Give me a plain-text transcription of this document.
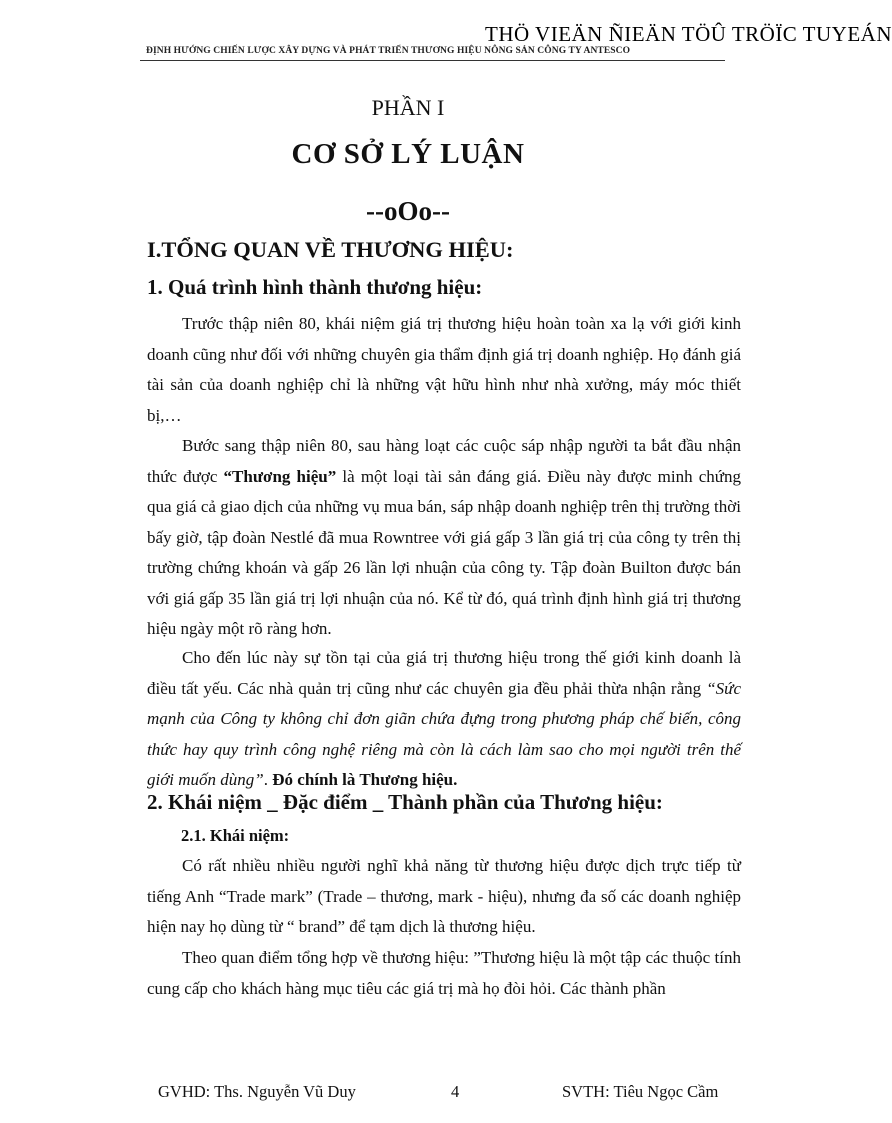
THÖ VIEÄN ÑIEÄN TÖÛ TRÖÏC TUYEÁN
ĐỊNH HƯỚNG CHIẾN LƯỢC XÂY DỰNG VÀ PHÁT TRIỂN THƯƠNG HIỆU NÔNG SẢN CÔNG TY ANTESCO
PHẦN I
CƠ SỞ LÝ LUẬN
--oOo--
I.TỔNG QUAN VỀ THƯƠNG HIỆU:
1. Quá trình hình thành thương hiệu:

Trước thập niên 80, khái niệm giá trị thương hiệu hoàn toàn xa lạ với giới kinh doanh cũng như đối với những chuyên gia thẩm định giá trị doanh nghiệp. Họ đánh giá tài sản của doanh nghiệp chỉ là những vật hữu hình như nhà xưởng, máy móc thiết bị,…

Bước sang thập niên 80, sau hàng loạt các cuộc sáp nhập người ta bắt đầu nhận thức được “Thương hiệu” là một loại tài sản đáng giá. Điều này được minh chứng qua giá cả giao dịch của những vụ mua bán, sáp nhập doanh nghiệp trên thị trường thời bấy giờ, tập đoàn Nestlé đã mua Rowntree với giá gấp 3 lần giá trị của công ty trên thị trường chứng khoán và gấp 26 lần lợi nhuận của công ty. Tập đoàn Builton được bán với giá gấp 35 lần giá trị lợi nhuận của nó. Kể từ đó, quá trình định hình giá trị thương hiệu ngày một rõ ràng hơn.

Cho đến lúc này sự tồn tại của giá trị thương hiệu trong thế giới kinh doanh là điều tất yếu. Các nhà quản trị cũng như các chuyên gia đều phải thừa nhận rằng “Sức mạnh của Công ty không chỉ đơn giãn chứa đựng trong phương pháp chế biến, công thức hay quy trình công nghệ riêng mà còn là cách làm sao cho mọi người trên thế giới muốn dùng”. Đó chính là Thương hiệu.

2. Khái niệm _ Đặc điểm _ Thành phần của Thương hiệu:
2.1. Khái niệm:

Có rất nhiều nhiều người nghĩ khả năng từ thương hiệu được dịch trực tiếp từ tiếng Anh “Trade mark” (Trade – thương, mark - hiệu), nhưng đa số các doanh nghiệp hiện nay họ dùng từ “ brand” để tạm dịch là thương hiệu.

Theo quan điểm tổng hợp về thương hiệu: ”Thương hiệu là một tập các thuộc tính cung cấp cho khách hàng mục tiêu các giá trị mà họ đòi hỏi. Các thành phần

GVHD: Ths. Nguyễn Vũ Duy	4	SVTH: Tiêu Ngọc Cầm
